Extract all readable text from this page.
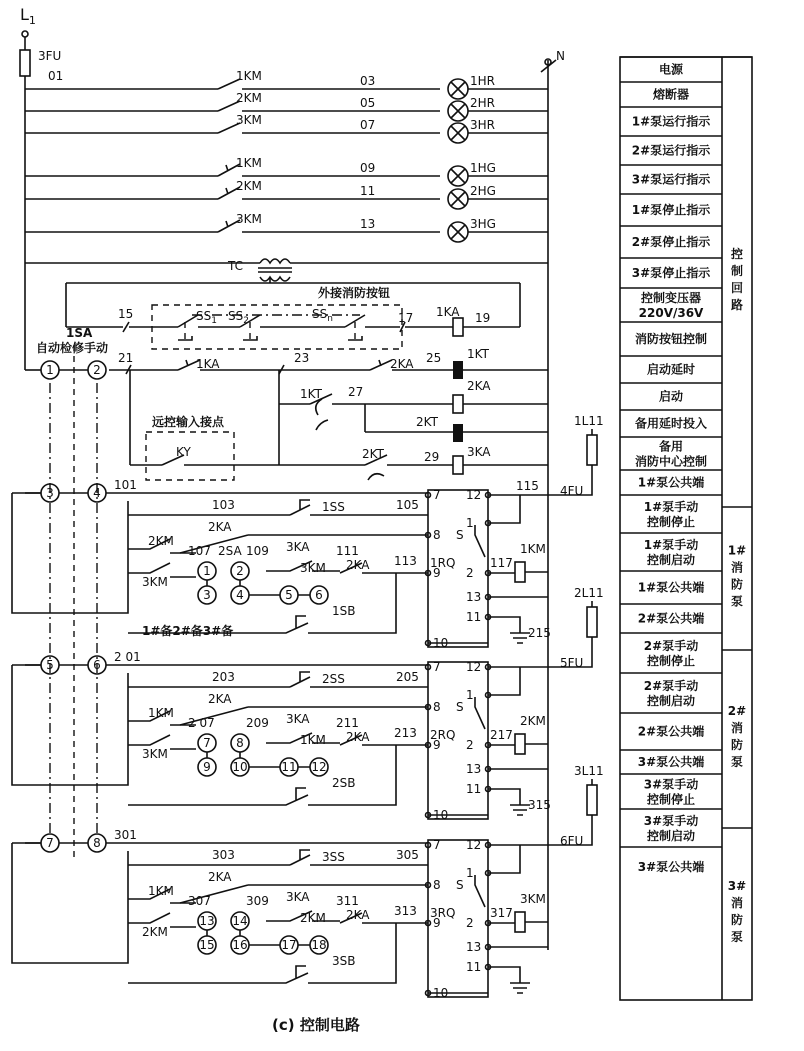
$L_1$
3FU
01
N
1KM	03	1HR
2KM	05	2HR
3KM	07	3HR
1KM	09	1HG
2KM	11	2HG
3KM	13	3HG
TC
15
外接消防按钮
$SS_1$ $SS_2$	$SS_n$	17 1KA 19
1SA
自动检修手动
1	2
3	4
5	6
7	8
21	1KA	23	2KA 25 1KT
1KT 27	2KA
2KT
远控输入接点
KY	2KT	29 3KA
101
103	1SS	105
2KA
2KM
3KM
107 2SA 109
1 2
3 4	5 6
3KA
3KM
111
2KA 113
1SB
1#备2#备3#备
1RQ
7
8
9
10
12
1
2
13
11
S
117
1KM
115 4FU
1L11
215
2 01
203	2SS	205
2KA
1KM
3KM
2 07	209
7 8
9 10	11 12
3KA
1KM
211
2KA 213
2SB
2RQ
7
8
9
10
12
1
2
13
11
S
217
2KM
5FU
2L11
315
301
303	3SS	305
2KA
1KM
2KM
307	309
13 14
15 16	17 18
3KA
2KM
311
2KA 313
3SB
3RQ
7
8
9
10
12
1
2
13
11
S
317
3KM
6FU
3L11
(c) 控制电路
电源
熔断器
1#泵运行指示
2#泵运行指示
3#泵运行指示
1#泵停止指示
2#泵停止指示
3#泵停止指示
控制变压器 220V/36V
消防按钮控制
启动延时
启动
备用延时投入
备用消防中心控制
1#泵公共端
1#泵手动控制停止
1#泵手动控制启动
1#泵公共端
2#泵公共端
2#泵手动控制停止
2#泵手动控制启动
2#泵公共端
3#泵公共端
3#泵手动控制停止
3#泵手动控制启动
3#泵公共端
控制回路
1#消防泵
2#消防泵
3#消防泵
